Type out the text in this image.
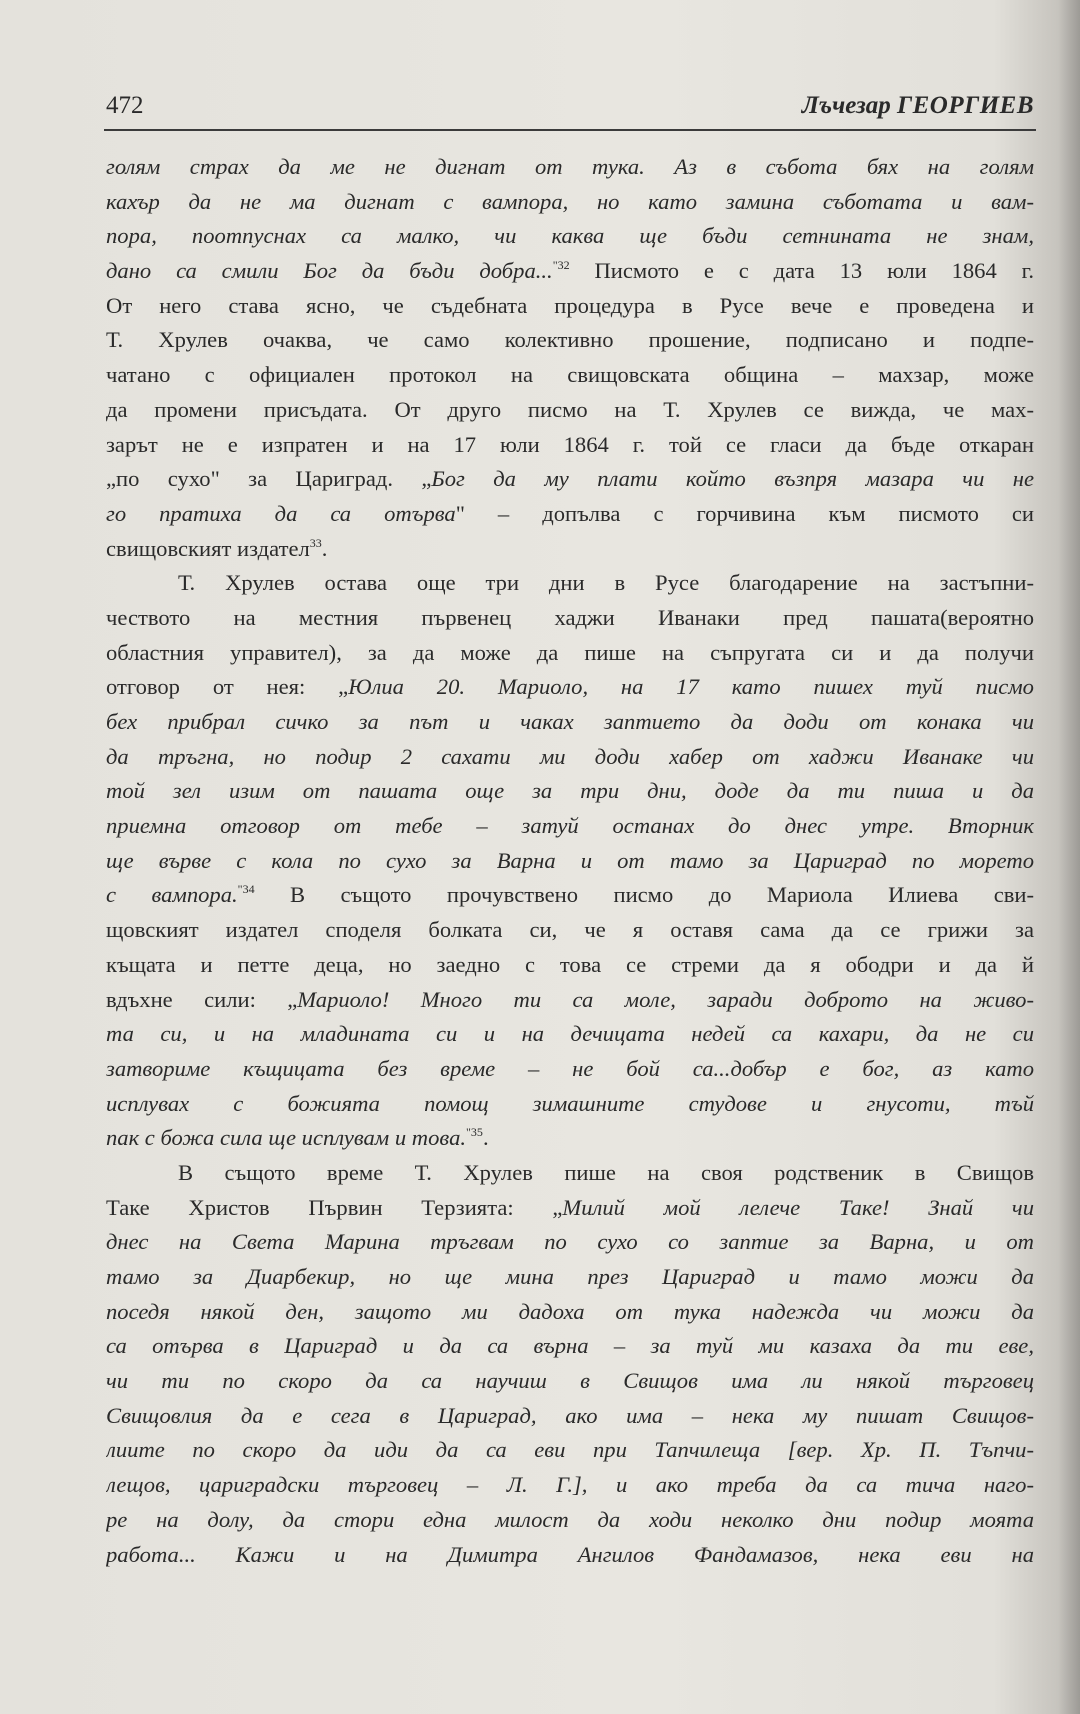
472	Лъчезар ГЕОРГИЕВ
голям страх да ме не дигнат от тука. Аз в събота бях на голям
кахър да не ма дигнат с вампора, но като замина съботата и вам-
пора, поотпуснах са малко, чи каква ще бъди сетнината не знам,
дано са смили Бог да бъди добра...$^{"32}$ Писмото е с дата 13 юли 1864 г.
От него става ясно, че съдебната процедура в Русе вече е проведена и
Т. Хрулев очаква, че само колективно прошение, подписано и подпе-
чатано с официален протокол на свищовската община – махзар, може
да промени присъдата. От друго писмо на Т. Хрулев се вижда, че мах-
зарът не е изпратен и на 17 юли 1864 г. той се гласи да бъде откаран
„по сухо" за Цариград. „Бог да му плати който възпря мазара чи не
го пратиха да са отърва" – допълва с горчивина към писмото си
свищовският издател$^{33}$.
Т. Хрулев остава още три дни в Русе благодарение на застъпни-
чеството на местния първенец хаджи Иванаки пред пашата(вероятно
областния управител), за да може да пише на съпругата си и да получи
отговор от нея: „Юлиа 20. Мариоло, на 17 като пишех туй писмо
бех прибрал сичко за път и чаках заптието да доди от конака чи
да тръгна, но подир 2 сахати ми доди хабер от хаджи Иванаке чи
той зел изим от пашата още за три дни, доде да ти пиша и да
приемна отговор от тебе – затуй останах до днес утре. Вторник
ще върве с кола по сухо за Варна и от тамо за Цариград по морето
с вампора.$^{"34}$ В същото прочувствено писмо до Мариола Илиева сви-
щовският издател споделя болката си, че я оставя сама да се грижи за
къщата и петте деца, но заедно с това се стреми да я ободри и да й
вдъхне сили: „Мариоло! Много ти са моле, заради доброто на живо-
та си, и на младината си и на дечицата недей са кахари, да не си
затвориме къщицата без време – не бой са...добър е бог, аз като
исплувах с божията помощ зимашните студове и гнусоти, тъй
пак с божа сила ще исплувам и това.$^{"35}$.
В същото време Т. Хрулев пише на своя родственик в Свищов
Таке Христов Първин Терзията: „Милий мой лелече Таке! Знай чи
днес на Света Марина тръгвам по сухо со заптие за Варна, и от
тамо за Диарбекир, но ще мина през Цариград и тамо можи да
поседя някой ден, защото ми дадоха от тука надежда чи можи да
са отърва в Цариград и да са върна – за туй ми казаха да ти еве,
чи ти по скоро да са научиш в Свищов има ли някой търговец
Свищовлия да е сега в Цариград, ако има – нека му пишат Свищов-
лиите по скоро да иди да са еви при Тапчилеща [вер. Хр. П. Тъпчи-
лещов, цариградски търговец – Л. Г.], и ако треба да са тича наго-
ре на долу, да стори една милост да ходи неколко дни подир моята
работа... Кажи и на Димитра Ангилов Фандамазов, нека еви на
